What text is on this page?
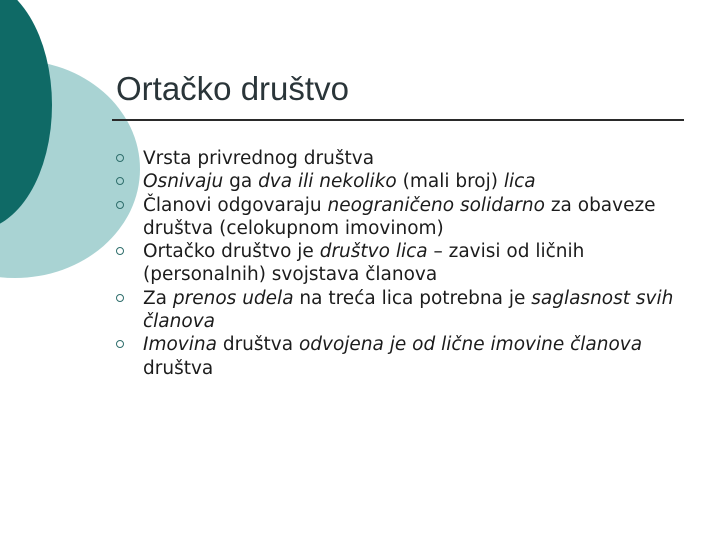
Ortačko društvo
Vrsta privrednog društva
Osnivaju ga dva ili nekoliko (mali broj) lica
Članovi odgovaraju neograničeno solidarno za obaveze društva (celokupnom imovinom)
Ortačko društvo je društvo lica – zavisi od ličnih (personalnih) svojstava članova
Za prenos udela na treća lica potrebna je saglasnost svih članova
Imovina društva odvojena je od lične imovine članova društva
